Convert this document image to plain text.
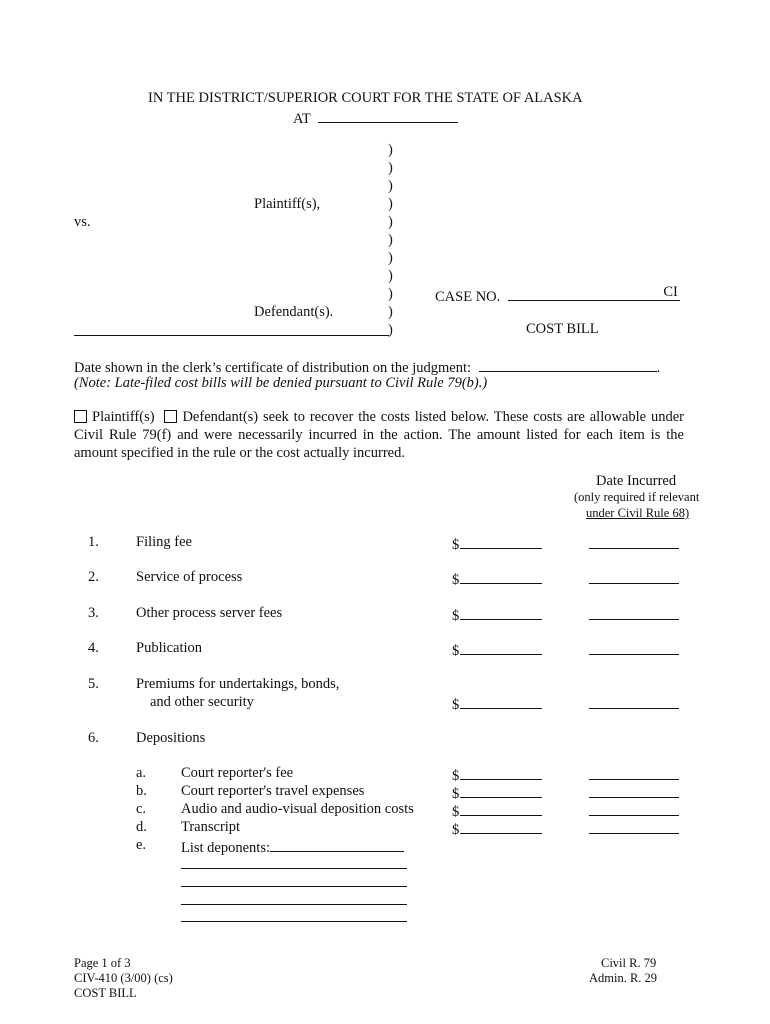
IN THE DISTRICT/SUPERIOR COURT FOR THE STATE OF ALASKA
AT
)
)
)
)
)
)
)
)
)
)
)
Plaintiff(s),
vs.
Defendant(s).
CASE NO.	CI
COST BILL
Date shown in the clerk’s certificate of distribution on the judgment:	.
(Note: Late-filed cost bills will be denied pursuant to Civil Rule 79(b).)
Plaintiff(s) Defendant(s) seek to recover the costs listed below. These costs are allowable under Civil Rule 79(f) and were necessarily incurred in the action. The amount listed for each item is the amount specified in the rule or the cost actually incurred.
Date Incurred
(only required if relevant
under Civil Rule 68)
1.	Filing fee	$
2.	Service of process	$
3.	Other process server fees	$
4.	Publication	$
5.	Premiums for undertakings, bonds,
and other security	$
6.	Depositions
a. Court reporter's fee	$
b. Court reporter's travel expenses	$
c. Audio and audio-visual deposition costs	$
d. Transcript	$
e. List deponents:
Page 1 of 3
CIV-410 (3/00) (cs)
COST BILL
Civil R. 79
Admin. R. 29
